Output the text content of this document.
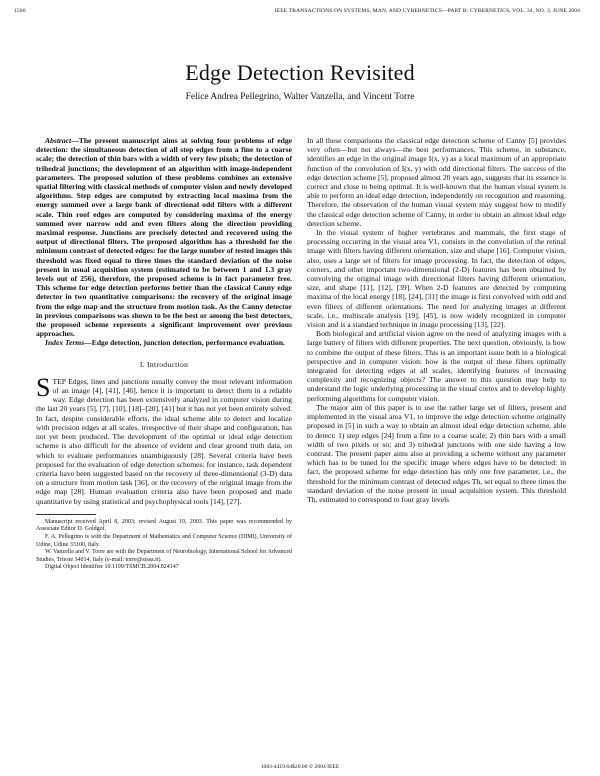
1500	IEEE TRANSACTIONS ON SYSTEMS, MAN, AND CYBERNETICS—PART B: CYBERNETICS, VOL. 34, NO. 3, JUNE 2004
Edge Detection Revisited
Felice Andrea Pellegrino, Walter Vanzella, and Vincent Torre

Abstract—The present manuscript aims at solving four problems of edge detection: the simultaneous detection of all step edges from a fine to a coarse scale; the detection of thin bars with a width of very few pixels; the detection of trihedral junctions; the development of an algorithm with image-independent parameters. The proposed solution of these problems combines an extensive spatial filtering with classical methods of computer vision and newly developed algorithms. Step edges are computed by extracting local maxima from the energy summed over a large bank of directional odd filters with a different scale. Thin roof edges are computed by considering maxima of the energy summed over narrow odd and even filters along the direction providing maximal response. Junctions are precisely detected and recovered using the output of directional filters. The proposed algorithm has a threshold for the minimum contrast of detected edges: for the large number of tested images this threshold was fixed equal to three times the standard deviation of the noise present in usual acquisition system (estimated to be between 1 and 1.3 gray levels out of 256), therefore, the proposed scheme is in fact parameter free. This scheme for edge detection performs better than the classical Canny edge detector in two quantitative comparisons: the recovery of the original image from the edge map and the structure from motion task. As the Canny detector in previous comparisons was shown to be the best or among the best detectors, the proposed scheme represents a significant improvement over previous approaches.

Index Terms—Edge detection, junction detection, performance evaluation.

I. Introduction

STEP Edges, lines and junctions usually convey the most relevant information of an image [4], [41], [46], hence it is important to detect them in a reliable way. Edge detection has been extensively analyzed in computer vision during the last 20 years [5], [7], [10], [18]–[20], [41] but it has not yet been entirely solved. In fact, despite considerable efforts, the ideal scheme able to detect and localize with precision edges at all scales, irrespective of their shape and configuration, has not yet been produced. The development of the optimal or ideal edge detection scheme is also difficult for the absence of evident and clear ground truth data, on which to evaluate performances unambiguously [28]. Several criteria have been proposed for the evaluation of edge detection schemes: for instance, task dependent criteria have been suggested based on the recovery of three-dimensional (3-D) data on a structure from motion task [36], or the recovery of the original image from the edge map [28]. Human evaluation criteria also have been proposed and made quantitative by using statistical and psychophysical tools [14], [27].

Manuscript received April 8, 2003; revised August 19, 2003. This paper was recommended by Associate Editor D. Goldgof.

F. A. Pellegrino is with the Department of Mathematics and Computer Science (DIMI), University of Udine, Udine 33100, Italy.

W. Vanzella and V. Torre are with the Department of Neurobiology, International School for Advanced Studies, Trieste 34014, Italy (e-mail: torre@sissa.it).

Digital Object Identifier 10.1109/TSMCB.2004.824147

In all these comparisons the classical edge detection scheme of Canny [5] provides very often—but not always—the best performances. This scheme, in substance, identifies an edge in the original image I(x, y) as a local maximum of an appropriate function of the convolution of I(x, y) with odd directional filters. The success of the edge detection scheme [5], proposed almost 20 years ago, suggests that its essence is correct and close to being optimal. It is well-known that the human visual system is able to perform an ideal edge detection, independently on recognition and reasoning. Therefore, the observation of the human visual system may suggest how to modify the classical edge detection scheme of Canny, in order to obtain an almost ideal edge detection scheme.

In the visual system of higher vertebrates and mammals, the first stage of processing occurring in the visual area V1, consists in the convolution of the retinal image with filters having different orientation, size and shape [16]. Computer vision, also, uses a large set of filters for image processing. In fact, the detection of edges, corners, and other important two-dimensional (2-D) features has been obtained by convolving the original image with directional filters having different orientation, size, and shape [11], [12], [39]. When 2-D features are detected by computing maxima of the local energy [18], [24], [31] the image is first convolved with odd and even filters of different orientations. The need for analyzing images at different scale, i.e., multiscale analysis [19], [45], is now widely recognized in computer vision and is a standard technique in image processing [13], [22].

Both biological and artificial vision agree on the need of analyzing images with a large battery of filters with different properties. The next question, obviously, is how to combine the output of these filters. This is an important issue both in a biological perspective and in computer vision: how is the output of these filters optimally integrated for detecting edges at all scales, identifying features of increasing complexity and recognizing objects? The answer to this question may help to understand the logic underlying processing in the visual cortex and to develop highly performing algorithms for computer vision.

The major aim of this paper is to use the rather large set of filters, present and implemented in the visual area V1, to improve the edge detection scheme originally proposed in [5] in such a way to obtain an almost ideal edge detection scheme, able to detect: 1) step edges [24] from a fine to a coarse scale; 2) thin bars with a small width of two pixels or so; and 3) trihedral junctions with one side having a low contrast. The present paper aims also at providing a scheme without any parameter which has to be tuned for the specific image where edges have to be detected: in fact, the proposed scheme for edge detection has only one free parameter, i.e., the threshold for the minimum contrast of detected edges Th, set equal to three times the standard deviation of the noise present in usual acquisition system. This threshold Th, estimated to correspond to four gray levels

1083-4419/04$20.00 © 2004 IEEE
